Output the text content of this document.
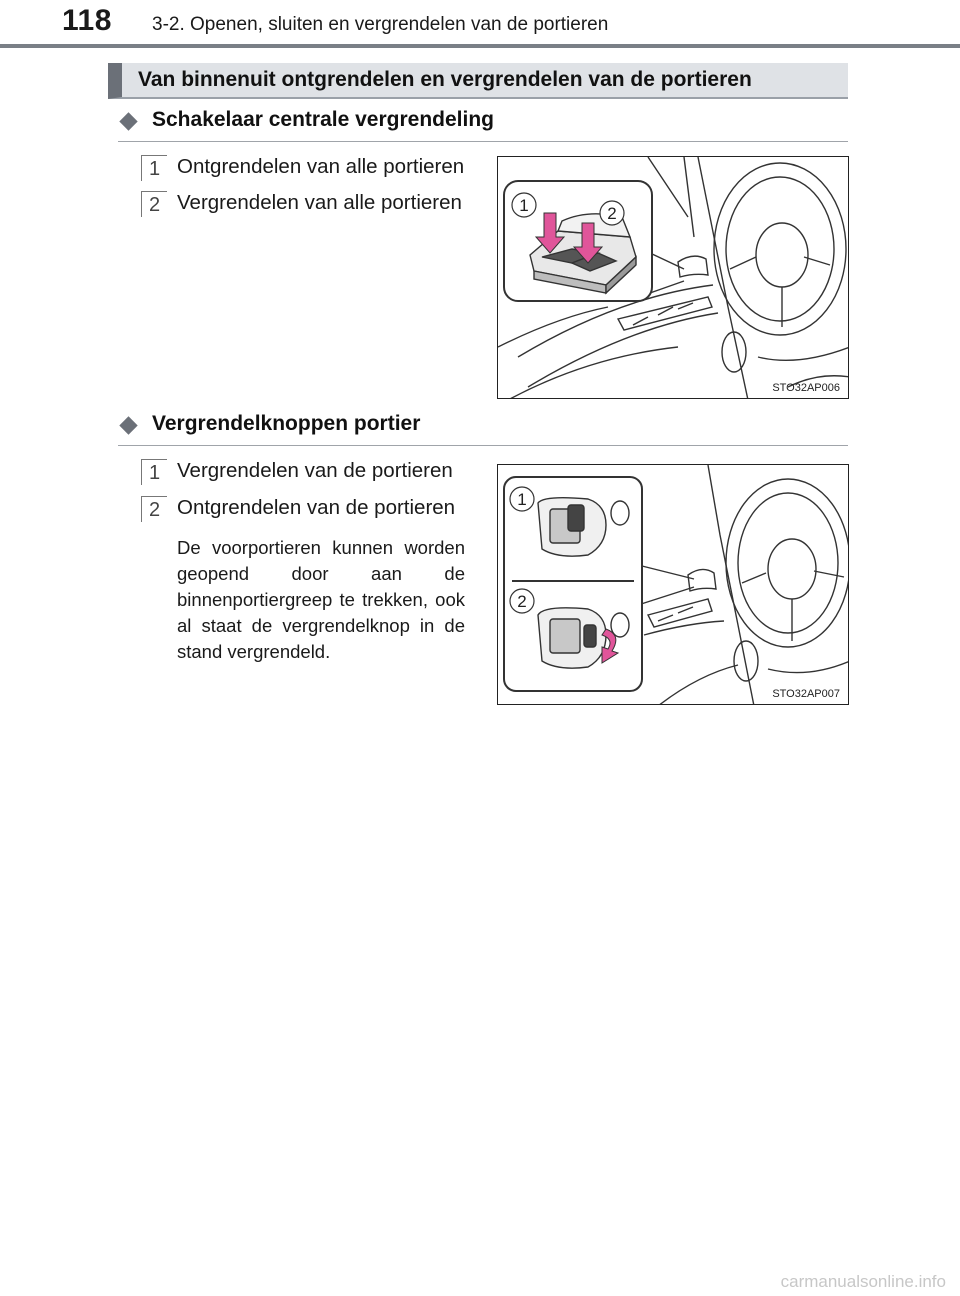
118 3-2. Openen, sluiten en vergrendelen van de portieren
Van binnenuit ontgrendelen en vergrendelen van de portieren
Schakelaar centrale vergrendeling
1 Ontgrendelen van alle portieren
2 Vergrendelen van alle portieren	1	2
STO32AP006
Vergrendelknoppen portier
1 Vergrendelen van de portieren
2 Ontgrendelen van de portieren
De voorportieren kunnen worden geopend door aan de binnenportiergreep te trekken, ook al staat de vergrendelknop in de stand vergrendeld.
1
2
STO32AP007
carmanualsonline.info
